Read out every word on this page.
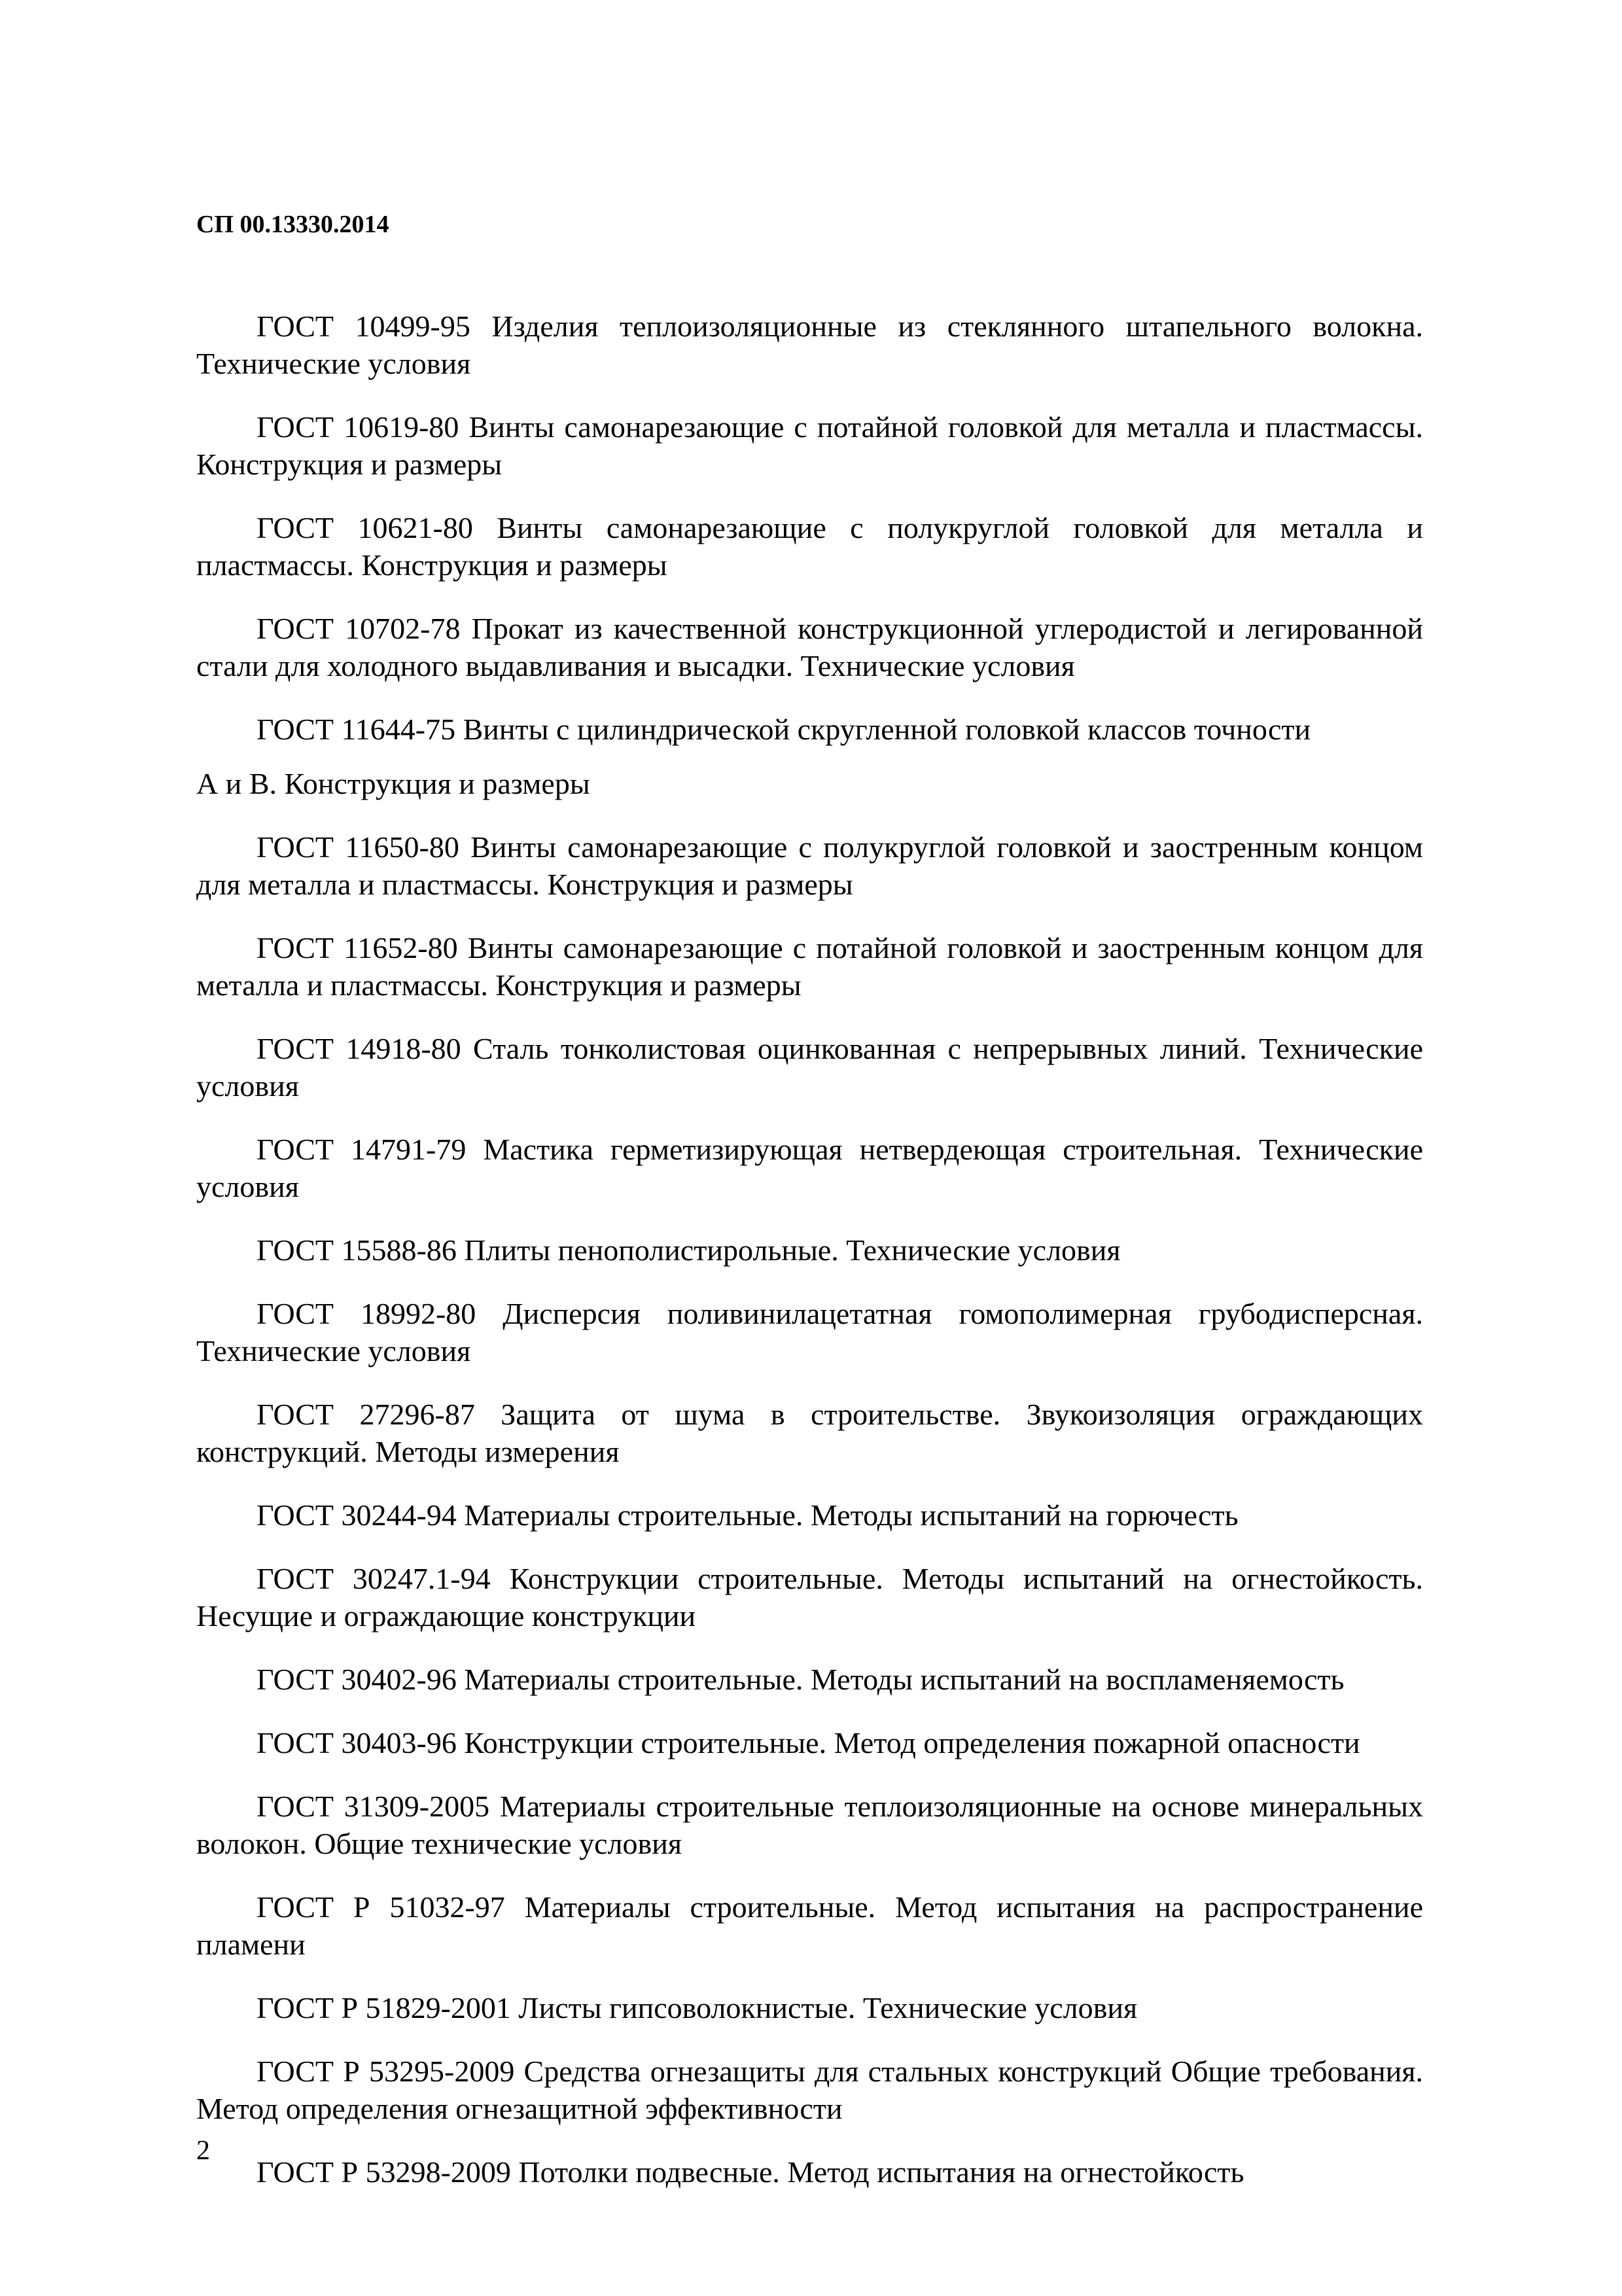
СП 00.13330.2014

ГОСТ 10499-95 Изделия теплоизоляционные из стеклянного штапельного волокна. Технические условия

ГОСТ 10619-80 Винты самонарезающие с потайной головкой для металла и пластмассы. Конструкция и размеры

ГОСТ 10621-80 Винты самонарезающие с полукруглой головкой для металла и пластмассы. Конструкция и размеры

ГОСТ 10702-78 Прокат из качественной конструкционной углеродистой и легированной стали для холодного выдавливания и высадки. Технические условия

ГОСТ 11644-75 Винты с цилиндрической скругленной головкой классов точности

А и В. Конструкция и размеры

ГОСТ 11650-80 Винты самонарезающие с полукруглой головкой и заостренным концом для металла и пластмассы. Конструкция и размеры

ГОСТ 11652-80 Винты самонарезающие с потайной головкой и заостренным концом для металла и пластмассы. Конструкция и размеры

ГОСТ 14918-80 Сталь тонколистовая оцинкованная с непрерывных линий. Технические условия

ГОСТ 14791-79 Мастика герметизирующая нетвердеющая строительная. Технические условия

ГОСТ 15588-86 Плиты пенополистирольные. Технические условия

ГОСТ 18992-80 Дисперсия поливинилацетатная гомополимерная грубодисперсная. Технические условия

ГОСТ 27296-87 Защита от шума в строительстве. Звукоизоляция ограждающих конструкций. Методы измерения

ГОСТ 30244-94 Материалы строительные. Методы испытаний на горючесть

ГОСТ 30247.1-94 Конструкции строительные. Методы испытаний на огнестойкость. Несущие и ограждающие конструкции

ГОСТ 30402-96 Материалы строительные. Методы испытаний на воспламеняемость

ГОСТ 30403-96 Конструкции строительные. Метод определения пожарной опасности

ГОСТ 31309-2005 Материалы строительные теплоизоляционные на основе минеральных волокон. Общие технические условия

ГОСТ Р 51032-97 Материалы строительные. Метод испытания на распространение пламени

ГОСТ Р 51829-2001 Листы гипсоволокнистые. Технические условия

ГОСТ Р 53295-2009 Средства огнезащиты для стальных конструкций Общие требования. Метод определения огнезащитной эффективности

ГОСТ Р 53298-2009 Потолки подвесные. Метод испытания на огнестойкость

2
